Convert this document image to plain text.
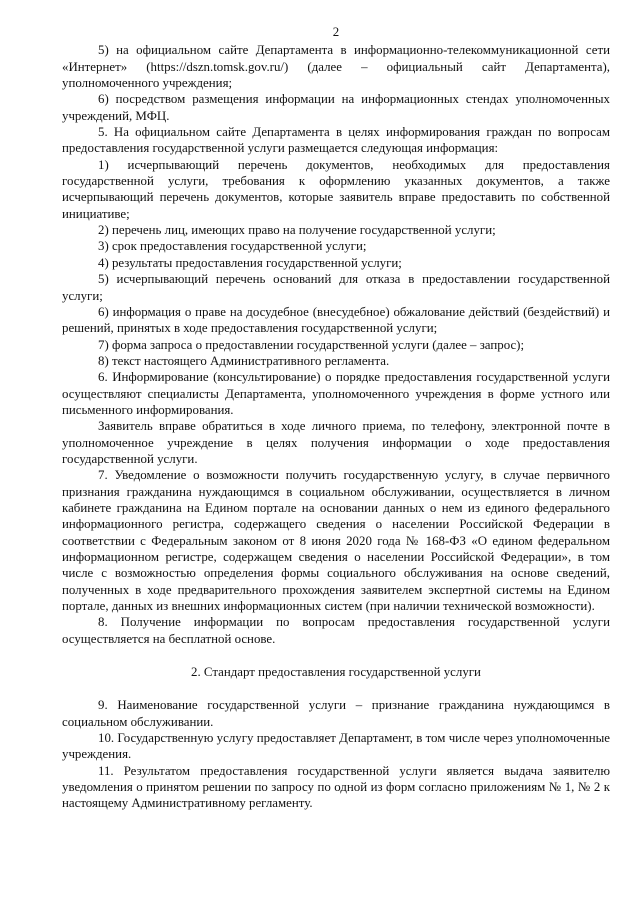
2

5) на официальном сайте Департамента в информационно-телекоммуникационной сети «Интернет» (https://dszn.tomsk.gov.ru/) (далее – официальный сайт Департамента), уполномоченного учреждения;

6) посредством размещения информации на информационных стендах уполномоченных учреждений, МФЦ.

5. На официальном сайте Департамента в целях информирования граждан по вопросам предоставления государственной услуги размещается следующая информация:

1) исчерпывающий перечень документов, необходимых для предоставления государственной услуги, требования к оформлению указанных документов, а также исчерпывающий перечень документов, которые заявитель вправе предоставить по собственной инициативе;

2) перечень лиц, имеющих право на получение государственной услуги;

3) срок предоставления государственной услуги;

4) результаты предоставления государственной услуги;

5) исчерпывающий перечень оснований для отказа в предоставлении государственной услуги;

6) информация о праве на досудебное (внесудебное) обжалование действий (бездействий) и решений, принятых в ходе предоставления государственной услуги;

7) форма запроса о предоставлении государственной услуги (далее – запрос);

8) текст настоящего Административного регламента.

6. Информирование (консультирование) о порядке предоставления государственной услуги осуществляют специалисты Департамента, уполномоченного учреждения в форме устного или письменного информирования.

Заявитель вправе обратиться в ходе личного приема, по телефону, электронной почте в уполномоченное учреждение в целях получения информации о ходе предоставления государственной услуги.

7. Уведомление о возможности получить государственную услугу, в случае первичного признания гражданина нуждающимся в социальном обслуживании, осуществляется в личном кабинете гражданина на Едином портале на основании данных о нем из единого федерального информационного регистра, содержащего сведения о населении Российской Федерации в соответствии с Федеральным законом от 8 июня 2020 года № 168-ФЗ «О едином федеральном информационном регистре, содержащем сведения о населении Российской Федерации», в том числе с возможностью определения формы социального обслуживания на основе сведений, полученных в ходе предварительного прохождения заявителем экспертной системы на Едином портале, данных из внешних информационных систем (при наличии технической возможности).

8. Получение информации по вопросам предоставления государственной услуги осуществляется на бесплатной основе.

2. Стандарт предоставления государственной услуги

9. Наименование государственной услуги – признание гражданина нуждающимся в социальном обслуживании.

10. Государственную услугу предоставляет Департамент, в том числе через уполномоченные учреждения.

11. Результатом предоставления государственной услуги является выдача заявителю уведомления о принятом решении по запросу по одной из форм согласно приложениям № 1, № 2 к настоящему Административному регламенту.
